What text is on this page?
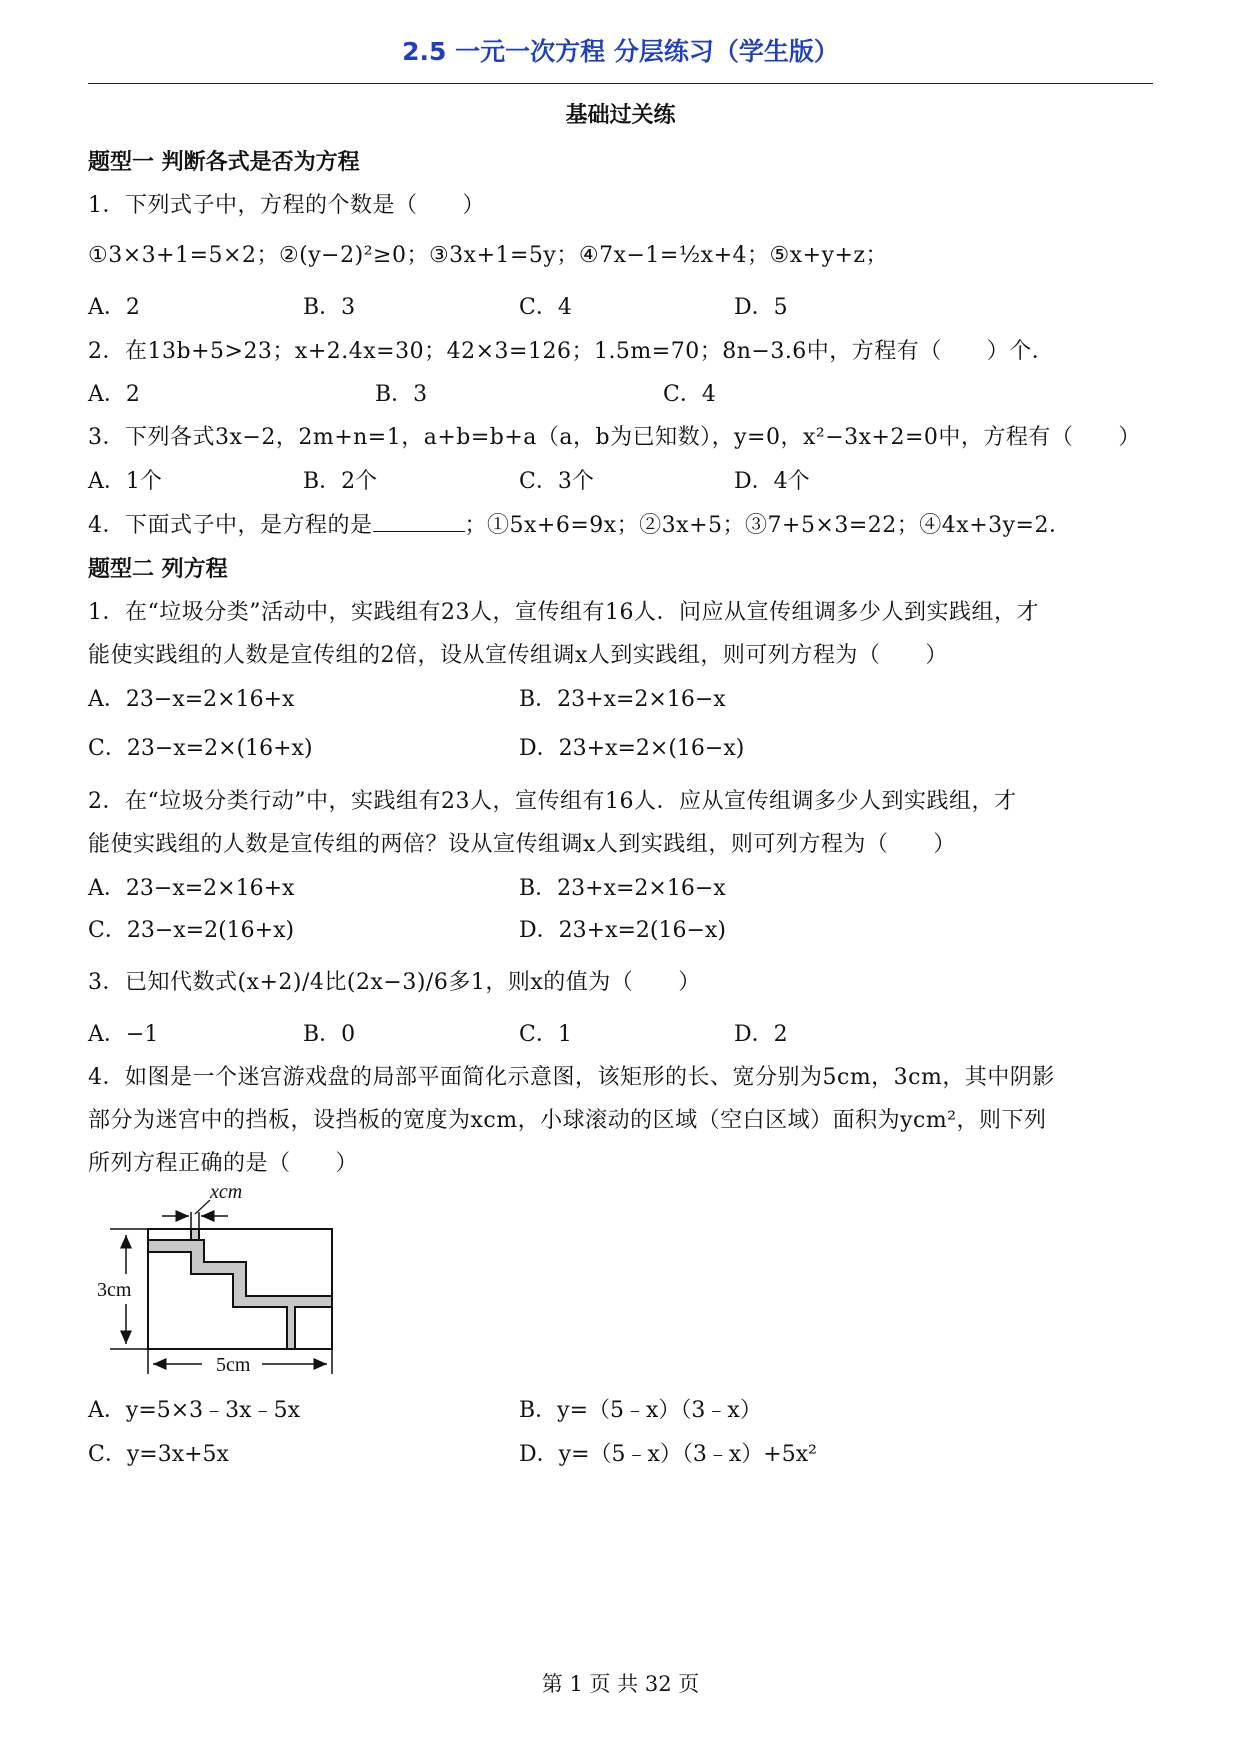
2.5 一元一次方程 分层练习（学生版）
基础过关练
题型一 判断各式是否为方程
1．下列式子中，方程的个数是（　　）
①3×3+1=5×2；②(y−2)²≥0；③3x+1=5y；④7x−1=½x+4；⑤x+y+z；
A．2	B．3	C．4	D．5
2．在13b+5>23；x+2.4x=30；42×3=126；1.5m=70；8n−3.6中，方程有（　　）个．
A．2	B．3	C．4
3．下列各式3x−2，2m+n=1，a+b=b+a（a，b为已知数），y=0，x²−3x+2=0中，方程有（　　）
A．1个	B．2个	C．3个	D．4个
4．下面式子中，是方程的是	；①5x+6=9x；②3x+5；③7+5×3=22；④4x+3y=2．
题型二 列方程
1．在“垃圾分类”活动中，实践组有23人，宣传组有16人．问应从宣传组调多少人到实践组，才
能使实践组的人数是宣传组的2倍，设从宣传组调x人到实践组，则可列方程为（　　）
A．23−x=2×16+x	B．23+x=2×16−x
C．23−x=2×(16+x)	D．23+x=2×(16−x)
2．在“垃圾分类行动”中，实践组有23人，宣传组有16人．应从宣传组调多少人到实践组，才
能使实践组的人数是宣传组的两倍？设从宣传组调x人到实践组，则可列方程为（　　）
A．23−x=2×16+x	B．23+x=2×16−x
C．23−x=2(16+x)	D．23+x=2(16−x)
3．已知代数式(x+2)/4比(2x−3)/6多1，则x的值为（　　）
A．−1	B．0	C．1	D．2
4．如图是一个迷宫游戏盘的局部平面简化示意图，该矩形的长、宽分别为5cm，3cm，其中阴影
部分为迷宫中的挡板，设挡板的宽度为xcm，小球滚动的区域（空白区域）面积为ycm²，则下列
所列方程正确的是（　　）
3cm
5cm
xcm
A．y=5×3﹣3x﹣5x	B．y=（5﹣x）（3﹣x）
C．y=3x+5x	D．y=（5﹣x）（3﹣x）+5x²
第 1 页 共 32 页
